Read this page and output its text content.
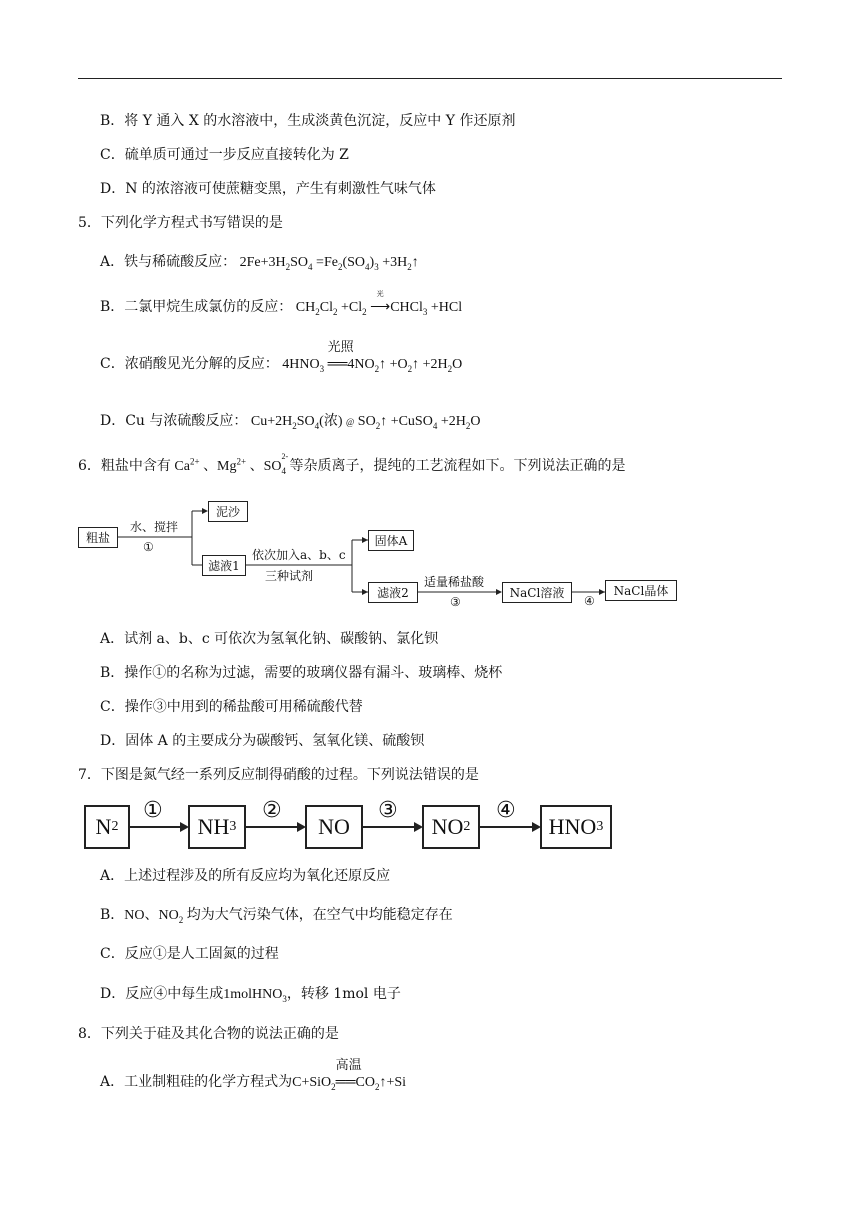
B．将 Y 通入 X 的水溶液中，生成淡黄色沉淀，反应中 Y 作还原剂
C．硫单质可通过一步反应直接转化为 Z
D．N 的浓溶液可使蔗糖变黑，产生有刺激性气味气体
5．下列化学方程式书写错误的是
A．铁与稀硫酸反应： $2Fe+3H_2SO_4 =Fe_2(SO_4)_3$ $+3H_2↑$
B．二氯甲烷生成氯仿的反应： $CH_2Cl_2 +Cl_2$
光
⟶CHCl$_3$ +HCl
C．浓硝酸见光分解的反应： $4HNO_3$
光照
$══4NO_2↑$ $+O_2↑ +2H_2O$
D．Cu 与浓硫酸反应： $Cu+2H_2SO_4$(浓) @ $SO_2↑$ +CuSO$_4$ $+2H_2O$
6．粗盐中含有 $Ca^{2+}$ 、$Mg^{2+}$ 、SO
$_{2- 4}$ 等杂质离子，提纯的工艺流程如下。下列说法正确的是
粗盐
水、搅拌
①
泥沙
滤液1
依次加入a、b、c
三种试剂
固体A
滤液2
适量稀盐酸
③
NaCl溶液
④
NaCl晶体
A．试剂 a、b、c 可依次为氢氧化钠、碳酸钠、氯化钡
B．操作①的名称为过滤，需要的玻璃仪器有漏斗、玻璃棒、烧杯
C．操作③中用到的稀盐酸可用稀硫酸代替
D．固体 A 的主要成分为碳酸钙、氢氧化镁、硫酸钡
7．下图是氮气经一系列反应制得硝酸的过程。下列说法错误的是
N 2	NH 3	NO	NO 2	HNO 3
①	②	③	④
A．上述过程涉及的所有反应均为氧化还原反应
B．NO、$NO_2$ 均为大气污染气体，在空气中均能稳定存在
C．反应①是人工固氮的过程
D．反应④中每生成1molHNO$_3$，转移 1mol 电子
8．下列关于硅及其化合物的说法正确的是
A．工业制粗硅的化学方程式为C+SiO$_2$
高温
$══CO_2↑+Si$
